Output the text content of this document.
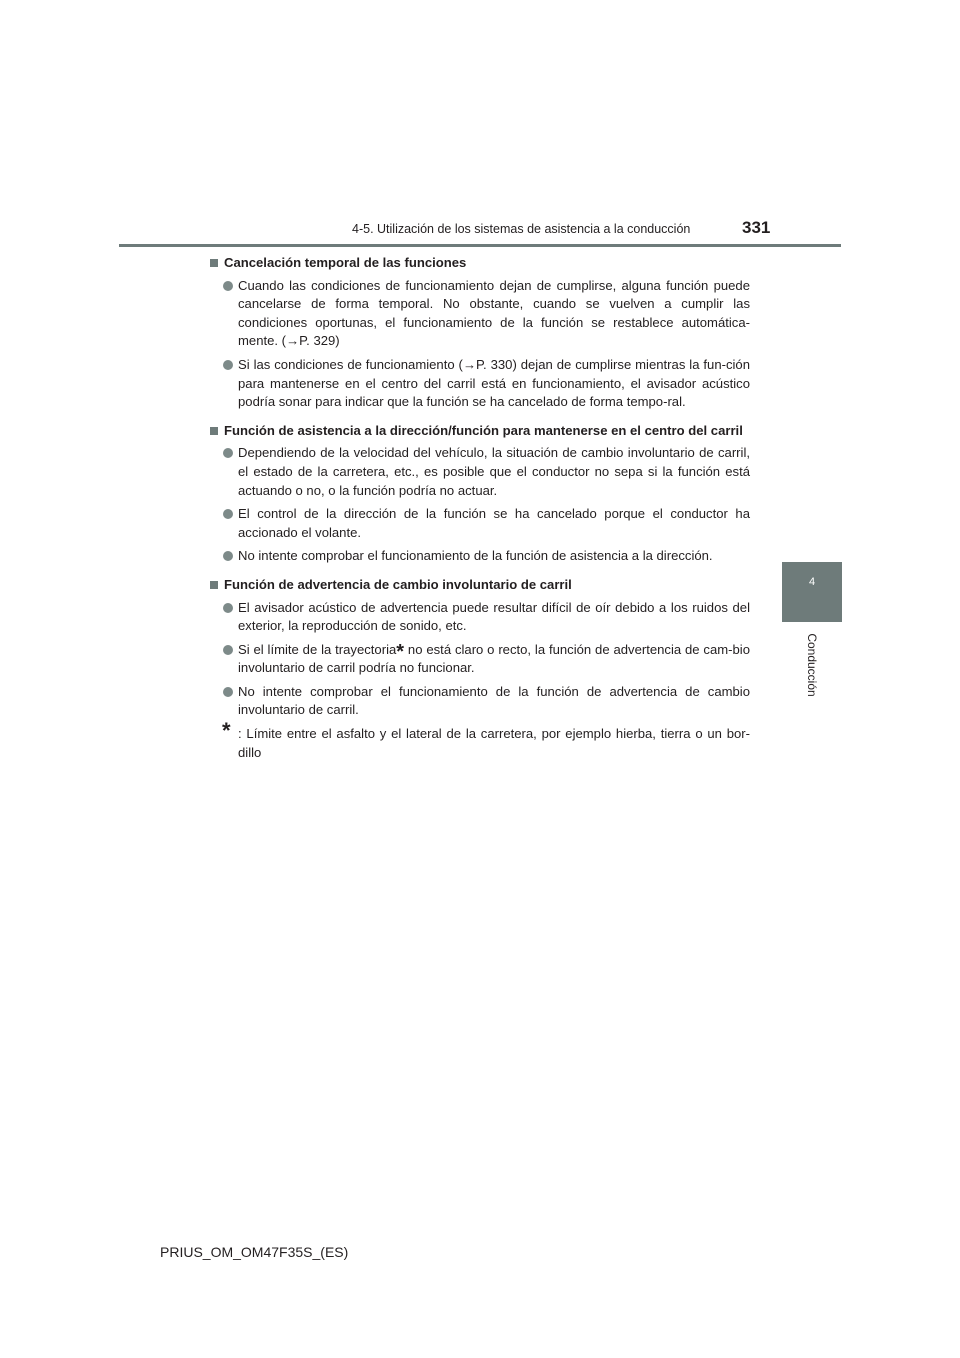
4-5. Utilización de los sistemas de asistencia a la conducción	331
4
Conducción
Cancelación temporal de las funciones
Cuando las condiciones de funcionamiento dejan de cumplirse, alguna función puede cancelarse de forma temporal. No obstante, cuando se vuelven a cumplir las condiciones oportunas, el funcionamiento de la función se restablece automática-mente. (→P. 329)
Si las condiciones de funcionamiento (→P. 330) dejan de cumplirse mientras la fun-ción para mantenerse en el centro del carril está en funcionamiento, el avisador acústico podría sonar para indicar que la función se ha cancelado de forma tempo-ral.
Función de asistencia a la dirección/función para mantenerse en el centro del carril
Dependiendo de la velocidad del vehículo, la situación de cambio involuntario de carril, el estado de la carretera, etc., es posible que el conductor no sepa si la función está actuando o no, o la función podría no actuar.
El control de la dirección de la función se ha cancelado porque el conductor ha accionado el volante.
No intente comprobar el funcionamiento de la función de asistencia a la dirección.
Función de advertencia de cambio involuntario de carril
El avisador acústico de advertencia puede resultar difícil de oír debido a los ruidos del exterior, la reproducción de sonido, etc.
Si el límite de la trayectoria* no está claro o recto, la función de advertencia de cam-bio involuntario de carril podría no funcionar.
No intente comprobar el funcionamiento de la función de advertencia de cambio involuntario de carril.
* : Límite entre el asfalto y el lateral de la carretera, por ejemplo hierba, tierra o un bor-dillo
PRIUS_OM_OM47F35S_(ES)
